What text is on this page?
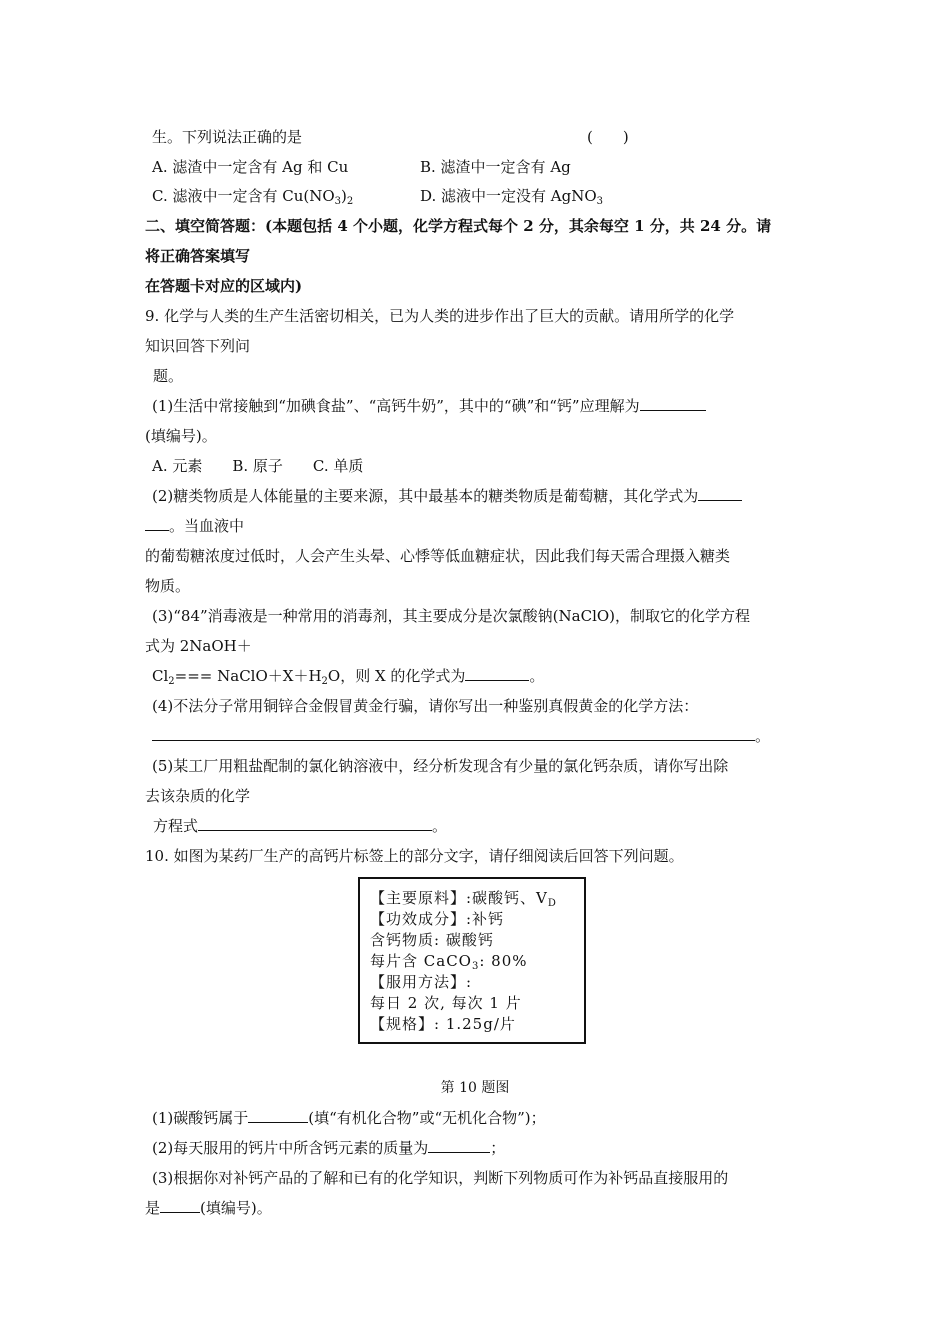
生。下列说法正确的是	(　　)
A. 滤渣中一定含有 Ag 和 Cu	B. 滤渣中一定含有 Ag
C. 滤液中一定含有 $Cu(NO_3)_2$	D. 滤液中一定没有 AgNO$_3$
二、填空简答题：(本题包括 4 个小题，化学方程式每个 2 分，其余每空 1 分，共 24 分。请
将正确答案填写
在答题卡对应的区域内)
9. 化学与人类的生产生活密切相关，已为人类的进步作出了巨大的贡献。请用所学的化学
知识回答下列问
题。
(1)生活中常接触到“加碘食盐”、“高钙牛奶”，其中的“碘”和“钙”应理解为
(填编号)。
A. 元素　　B. 原子　　C. 单质
(2)糖类物质是人体能量的主要来源，其中最基本的糖类物质是葡萄糖，其化学式为
。当血液中
的葡萄糖浓度过低时，人会产生头晕、心悸等低血糖症状，因此我们每天需合理摄入糖类
物质。
(3)“84”消毒液是一种常用的消毒剂，其主要成分是次氯酸钠(NaClO)，制取它的化学方程
式为 2NaOH＋
$Cl_2===$ $NaClO+X+H_2O$，则 X 的化学式为	。
(4)不法分子常用铜锌合金假冒黄金行骗，请你写出一种鉴别真假黄金的化学方法：
。
(5)某工厂用粗盐配制的氯化钠溶液中，经分析发现含有少量的氯化钙杂质，请你写出除
去该杂质的化学
方程式	。
10. 如图为某药厂生产的高钙片标签上的部分文字，请仔细阅读后回答下列问题。
【主要原料】:碳酸钙、$V_D$
【功效成分】:补钙
含钙物质: 碳酸钙
每片含 CaCO$_3$: 80%
【服用方法】:
每日 2 次, 每次 1 片
【规格】: 1.25g/片
第 10 题图
(1)碳酸钙属于	(填“有机化合物”或“无机化合物”)；
(2)每天服用的钙片中所含钙元素的质量为	；
(3)根据你对补钙产品的了解和已有的化学知识，判断下列物质可作为补钙品直接服用的
是	(填编号)。
